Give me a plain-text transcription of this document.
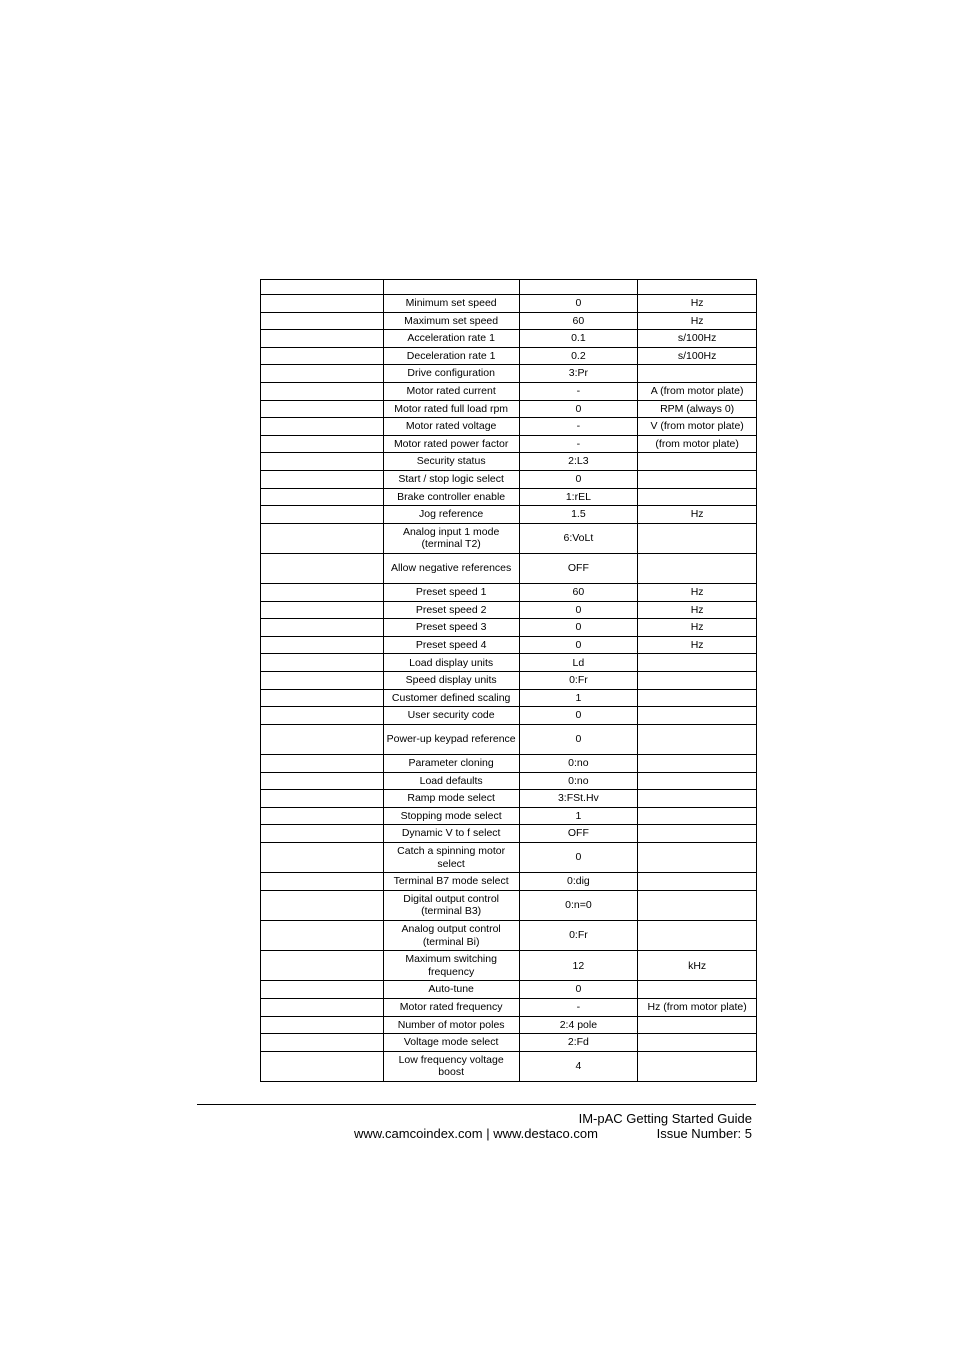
	Minimum set speed	0	Hz
	Maximum set speed	60	Hz
	Acceleration rate 1	0.1	s/100Hz
	Deceleration rate 1	0.2	s/100Hz
	Drive configuration	3:Pr	
	Motor rated current	-	A (from motor plate)
	Motor rated full load rpm	0	RPM (always 0)
	Motor rated voltage	-	V (from motor plate)
	Motor rated power factor	-	(from motor plate)
	Security status	2:L3	
	Start / stop logic select	0	
	Brake controller enable	1:rEL	
	Jog reference	1.5	Hz
	Analog input 1 mode (terminal T2)	6:VoLt	
	Allow negative references	OFF	
	Preset speed 1	60	Hz
	Preset speed 2	0	Hz
	Preset speed 3	0	Hz
	Preset speed 4	0	Hz
	Load display units	Ld	
	Speed display units	0:Fr	
	Customer defined scaling	1	
	User security code	0	
	Power-up keypad reference	0	
	Parameter cloning	0:no	
	Load defaults	0:no	
	Ramp mode select	3:FSt.Hv	
	Stopping mode select	1	
	Dynamic V to f select	OFF	
	Catch a spinning motor select	0	
	Terminal B7 mode select	0:dig	
	Digital output control (terminal B3)	0:n=0	
	Analog output control (terminal Bi)	0:Fr	
	Maximum switching frequency	12	kHz
	Auto-tune	0	
	Motor rated frequency	-	Hz (from motor plate)
	Number of motor poles	2:4 pole	
	Voltage mode select	2:Fd	
	Low frequency voltage boost	4	
IM-pAC Getting Started Guide
www.camcoindex.com | www.destaco.com	Issue Number: 5
